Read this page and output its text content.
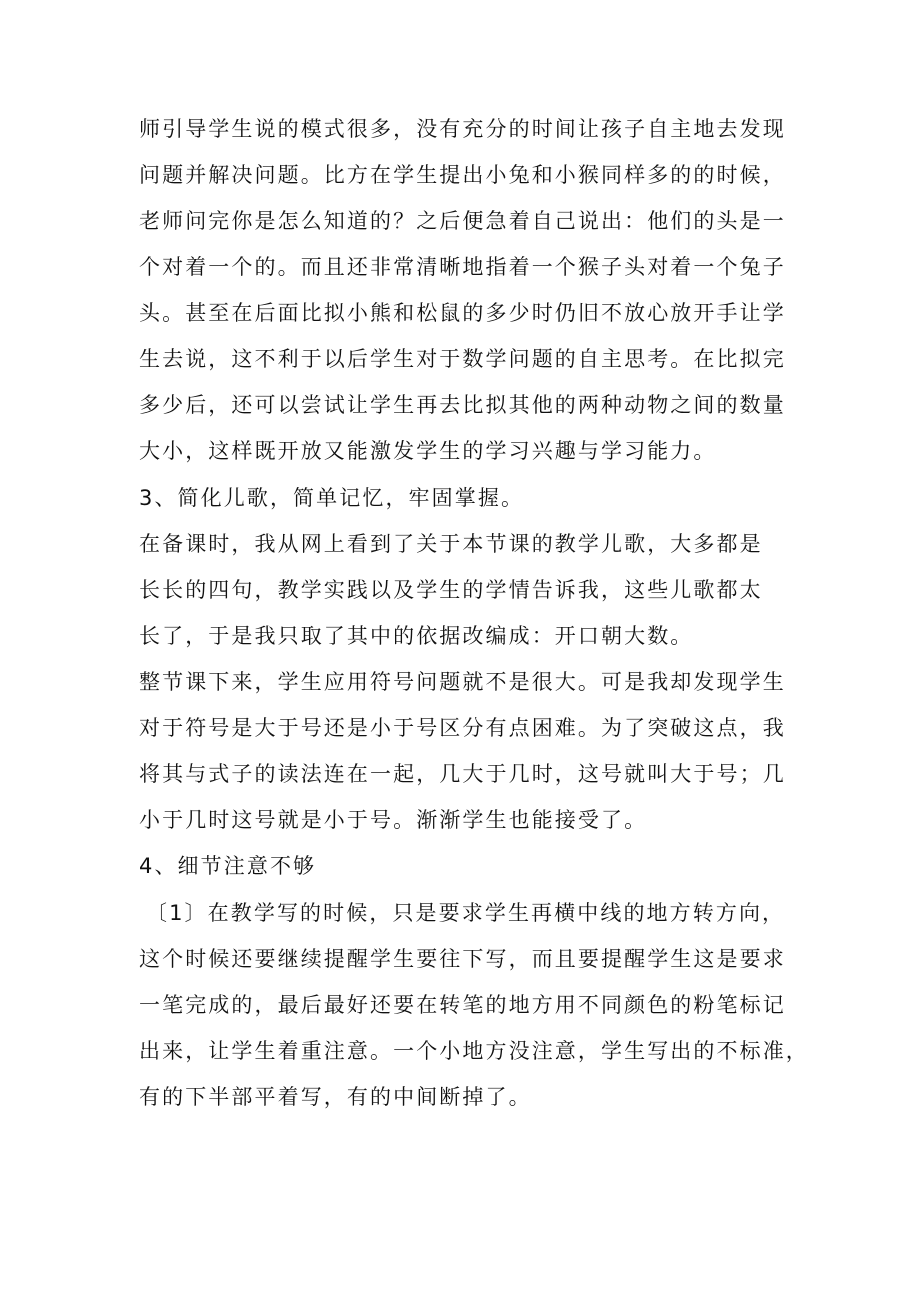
师引导学生说的模式很多，没有充分的时间让孩子自主地去发现
问题并解决问题。比方在学生提出小兔和小猴同样多的的时候，
老师问完你是怎么知道的？之后便急着自己说出：他们的头是一
个对着一个的。而且还非常清晰地指着一个猴子头对着一个兔子
头。甚至在后面比拟小熊和松鼠的多少时仍旧不放心放开手让学
生去说，这不利于以后学生对于数学问题的自主思考。在比拟完
多少后，还可以尝试让学生再去比拟其他的两种动物之间的数量
大小，这样既开放又能激发学生的学习兴趣与学习能力。
3、简化儿歌，简单记忆，牢固掌握。
在备课时，我从网上看到了关于本节课的教学儿歌，大多都是
长长的四句，教学实践以及学生的学情告诉我，这些儿歌都太
长了，于是我只取了其中的依据改编成：开口朝大数。
整节课下来，学生应用符号问题就不是很大。可是我却发现学生
对于符号是大于号还是小于号区分有点困难。为了突破这点，我
将其与式子的读法连在一起，几大于几时，这号就叫大于号；几
小于几时这号就是小于号。渐渐学生也能接受了。
4、细节注意不够
〔1〕在教学写的时候，只是要求学生再横中线的地方转方向，
这个时候还要继续提醒学生要往下写，而且要提醒学生这是要求
一笔完成的，最后最好还要在转笔的地方用不同颜色的粉笔标记
出来，让学生着重注意。一个小地方没注意，学生写出的不标准，
有的下半部平着写，有的中间断掉了。
